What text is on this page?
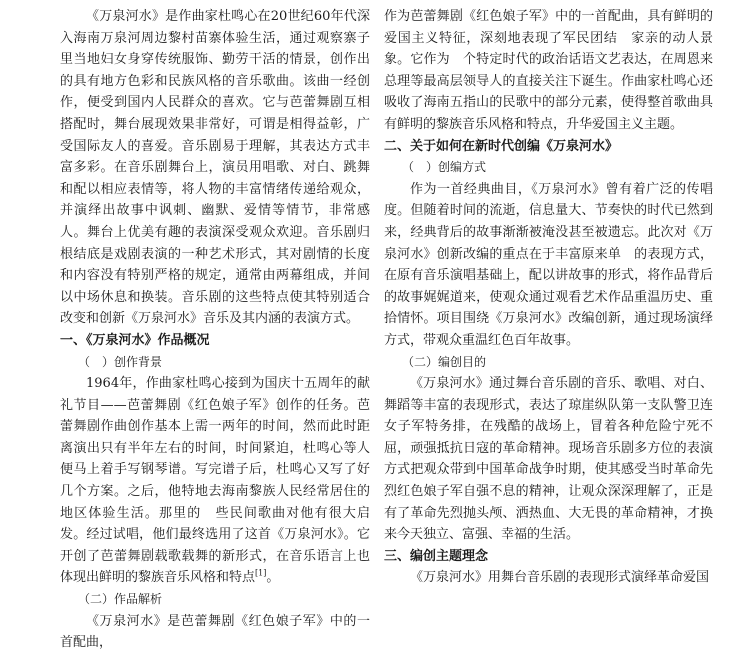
《万泉河水》是作曲家杜鸣心在20世纪60年代深入海南万泉河周边黎村苗寨体验生活，通过观察寨子里当地妇女身穿传统服饰、勤劳干活的情景，创作出的具有地方色彩和民族风格的音乐歌曲。该曲一经创作，便受到国内人民群众的喜欢。它与芭蕾舞剧互相搭配时，舞台展现效果非常好，可谓是相得益彰，广受国际友人的喜爱。音乐剧易于理解，其表达方式丰富多彩。在音乐剧舞台上，演员用唱歌、对白、跳舞和配以相应表情等，将人物的丰富情绪传递给观众，并演绎出故事中讽刺、幽默、爱情等情节，非常感人。舞台上优美有趣的表演深受观众欢迎。音乐剧归根结底是戏剧表演的一种艺术形式，其对剧情的长度和内容没有特别严格的规定，通常由两幕组成，并间以中场休息和换装。音乐剧的这些特点使其特别适合改变和创新《万泉河水》音乐及其内涵的表演方式。

一、《万泉河水》作品概况
（　）创作背景

1964年，作曲家杜鸣心接到为国庆十五周年的献礼节目——芭蕾舞剧《红色娘子军》创作的任务。芭蕾舞剧作曲创作基本上需一两年的时间，然而此时距离演出只有半年左右的时间，时间紧迫，杜鸣心等人便马上着手写钢琴谱。写完谱子后，杜鸣心又写了好几个方案。之后，他特地去海南黎族人民经常居住的地区体验生活。那里的　些民间歌曲对他有很大启发。经过试唱，他们最终选用了这首《万泉河水》。它开创了芭蕾舞剧载歌载舞的新形式，在音乐语言上也体现出鲜明的黎族音乐风格和特点[1]。

（二）作品解析

《万泉河水》是芭蕾舞剧《红色娘子军》中的一首配曲，

作为芭蕾舞剧《红色娘子军》中的一首配曲，具有鲜明的爱国主义特征，深刻地表现了军民团结　家亲的动人景象。它作为　个特定时代的政治话语文艺表达，在周恩来总理等最高层领导人的直接关注下诞生。作曲家杜鸣心还吸收了海南五指山的民歌中的部分元素，使得整首歌曲具有鲜明的黎族音乐风格和特点，升华爱国主义主题。

二、关于如何在新时代创编《万泉河水》
（　）创编方式

作为一首经典曲目，《万泉河水》曾有着广泛的传唱度。但随着时间的流逝，信息量大、节奏快的时代已然到来，经典背后的故事渐渐被淹没甚至被遗忘。此次对《万泉河水》创新改编的重点在于丰富原来单　的表现方式，在原有音乐演唱基础上，配以讲故事的形式，将作品背后的故事娓娓道来，使观众通过观看艺术作品重温历史、重拾情怀。项目围绕《万泉河水》改编创新，通过现场演绎方式，带观众重温红色百年故事。

（二）编创目的

《万泉河水》通过舞台音乐剧的音乐、歌唱、对白、舞蹈等丰富的表现形式，表达了琼崖纵队第一支队警卫连女子军特务排，在残酷的战场上，冒着各种危险宁死不屈，顽强抵抗日寇的革命精神。现场音乐剧多方位的表演方式把观众带到中国革命战争时期，使其感受当时革命先烈红色娘子军自强不息的精神，让观众深深理解了，正是有了革命先烈抛头颅、洒热血、大无畏的革命精神，才换来今天独立、富强、幸福的生活。

三、编创主题理念

《万泉河水》用舞台音乐剧的表现形式演绎革命爱国
